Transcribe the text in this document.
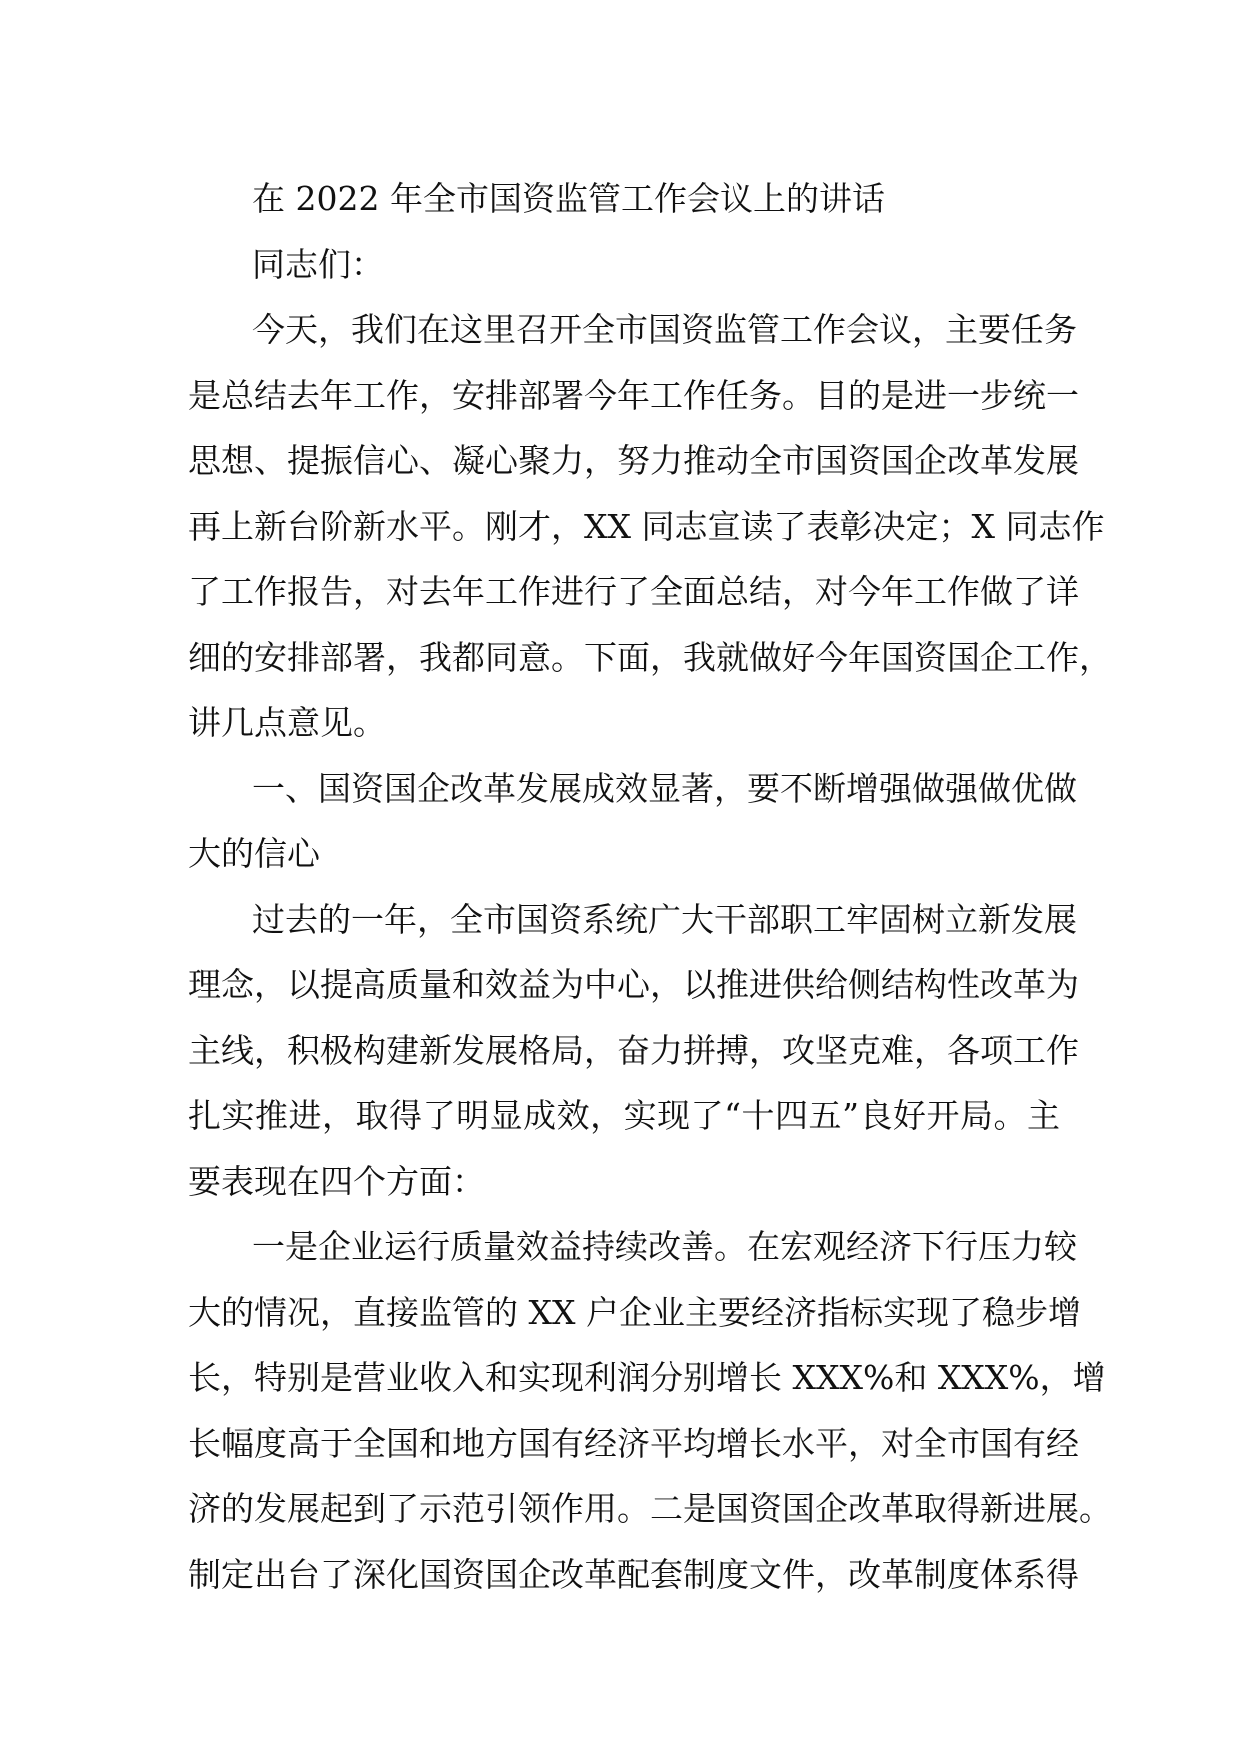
在 2022 年全市国资监管工作会议上的讲话
同志们：
今天，我们在这里召开全市国资监管工作会议，主要任务
是总结去年工作，安排部署今年工作任务。目的是进一步统一
思想、提振信心、凝心聚力，努力推动全市国资国企改革发展
再上新台阶新水平。刚才，XX 同志宣读了表彰决定；X 同志作
了工作报告，对去年工作进行了全面总结，对今年工作做了详
细的安排部署，我都同意。下面，我就做好今年国资国企工作，
讲几点意见。
一、国资国企改革发展成效显著，要不断增强做强做优做
大的信心
过去的一年，全市国资系统广大干部职工牢固树立新发展
理念，以提高质量和效益为中心，以推进供给侧结构性改革为
主线，积极构建新发展格局，奋力拼搏，攻坚克难，各项工作
扎实推进，取得了明显成效，实现了“十四五”良好开局。主
要表现在四个方面：
一是企业运行质量效益持续改善。在宏观经济下行压力较
大的情况，直接监管的 XX 户企业主要经济指标实现了稳步增
长，特别是营业收入和实现利润分别增长 XXX%和 XXX%，增
长幅度高于全国和地方国有经济平均增长水平，对全市国有经
济的发展起到了示范引领作用。二是国资国企改革取得新进展。
制定出台了深化国资国企改革配套制度文件，改革制度体系得
